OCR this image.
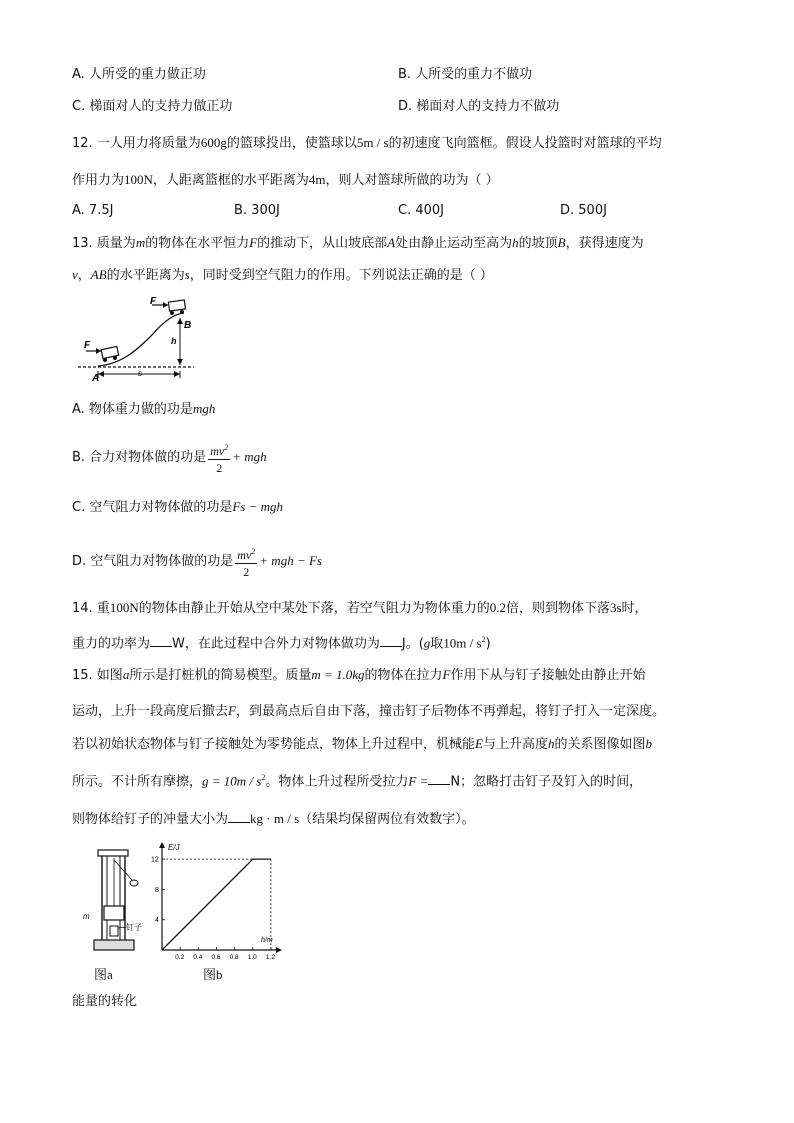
A. 人所受的重力做正功	B. 人所受的重力不做功
C. 梯面对人的支持力做正功	D. 梯面对人的支持力不做功
12. 一人用力将质量为600g的篮球投出，使篮球以5m / s的初速度飞向篮框。假设人投篮时对篮球的平均
作用力为100N，人距离篮框的水平距离为4m，则人对篮球所做的功为（ ）
A. 7.5J	B. 300J	C. 400J	D. 500J
13. 质量为m的物体在水平恒力F的推动下，从山坡底部A处由静止运动至高为h的坡顶B，获得速度为
v，AB的水平距离为s，同时受到空气阻力的作用。下列说法正确的是（ ）
F
F
B
h
s
A
A. 物体重力做的功是mgh
B. 合力对物体做的功是 $\frac{mv^2}{2}$ + mgh
C. 空气阻力对物体做的功是Fs − mgh
D. 空气阻力对物体做的功是 $\frac{mv^2}{2}$ + mgh − Fs
14. 重100N的物体由静止开始从空中某处下落，若空气阻力为物体重力的0.2倍，则到物体下落3s时，
重力的功率为 W，在此过程中合外力对物体做功为 J。(g取$10m / s^2$)
15. 如图a所示是打桩机的简易模型。质量m = 1.0kg的物体在拉力F作用下从与钉子接触处由静止开始
运动，上升一段高度后撤去F，到最高点后自由下落，撞击钉子后物体不再弹起，将钉子打入一定深度。
若以初始状态物体与钉子接触处为零势能点，物体上升过程中，机械能E与上升高度h的关系图像如图b
所示。不计所有摩擦，$g = 10m / s^2$。物体上升过程所受拉力F = N；忽略打击钉子及钉入的时间，
则物体给钉子的冲量大小为 kg · m / s（结果均保留两位有效数字）。
m
钉子
图a
E/J
h/m
0.2 0.4 0.6 0.8 1.0 1.2
4
8
12
图b
能量的转化
